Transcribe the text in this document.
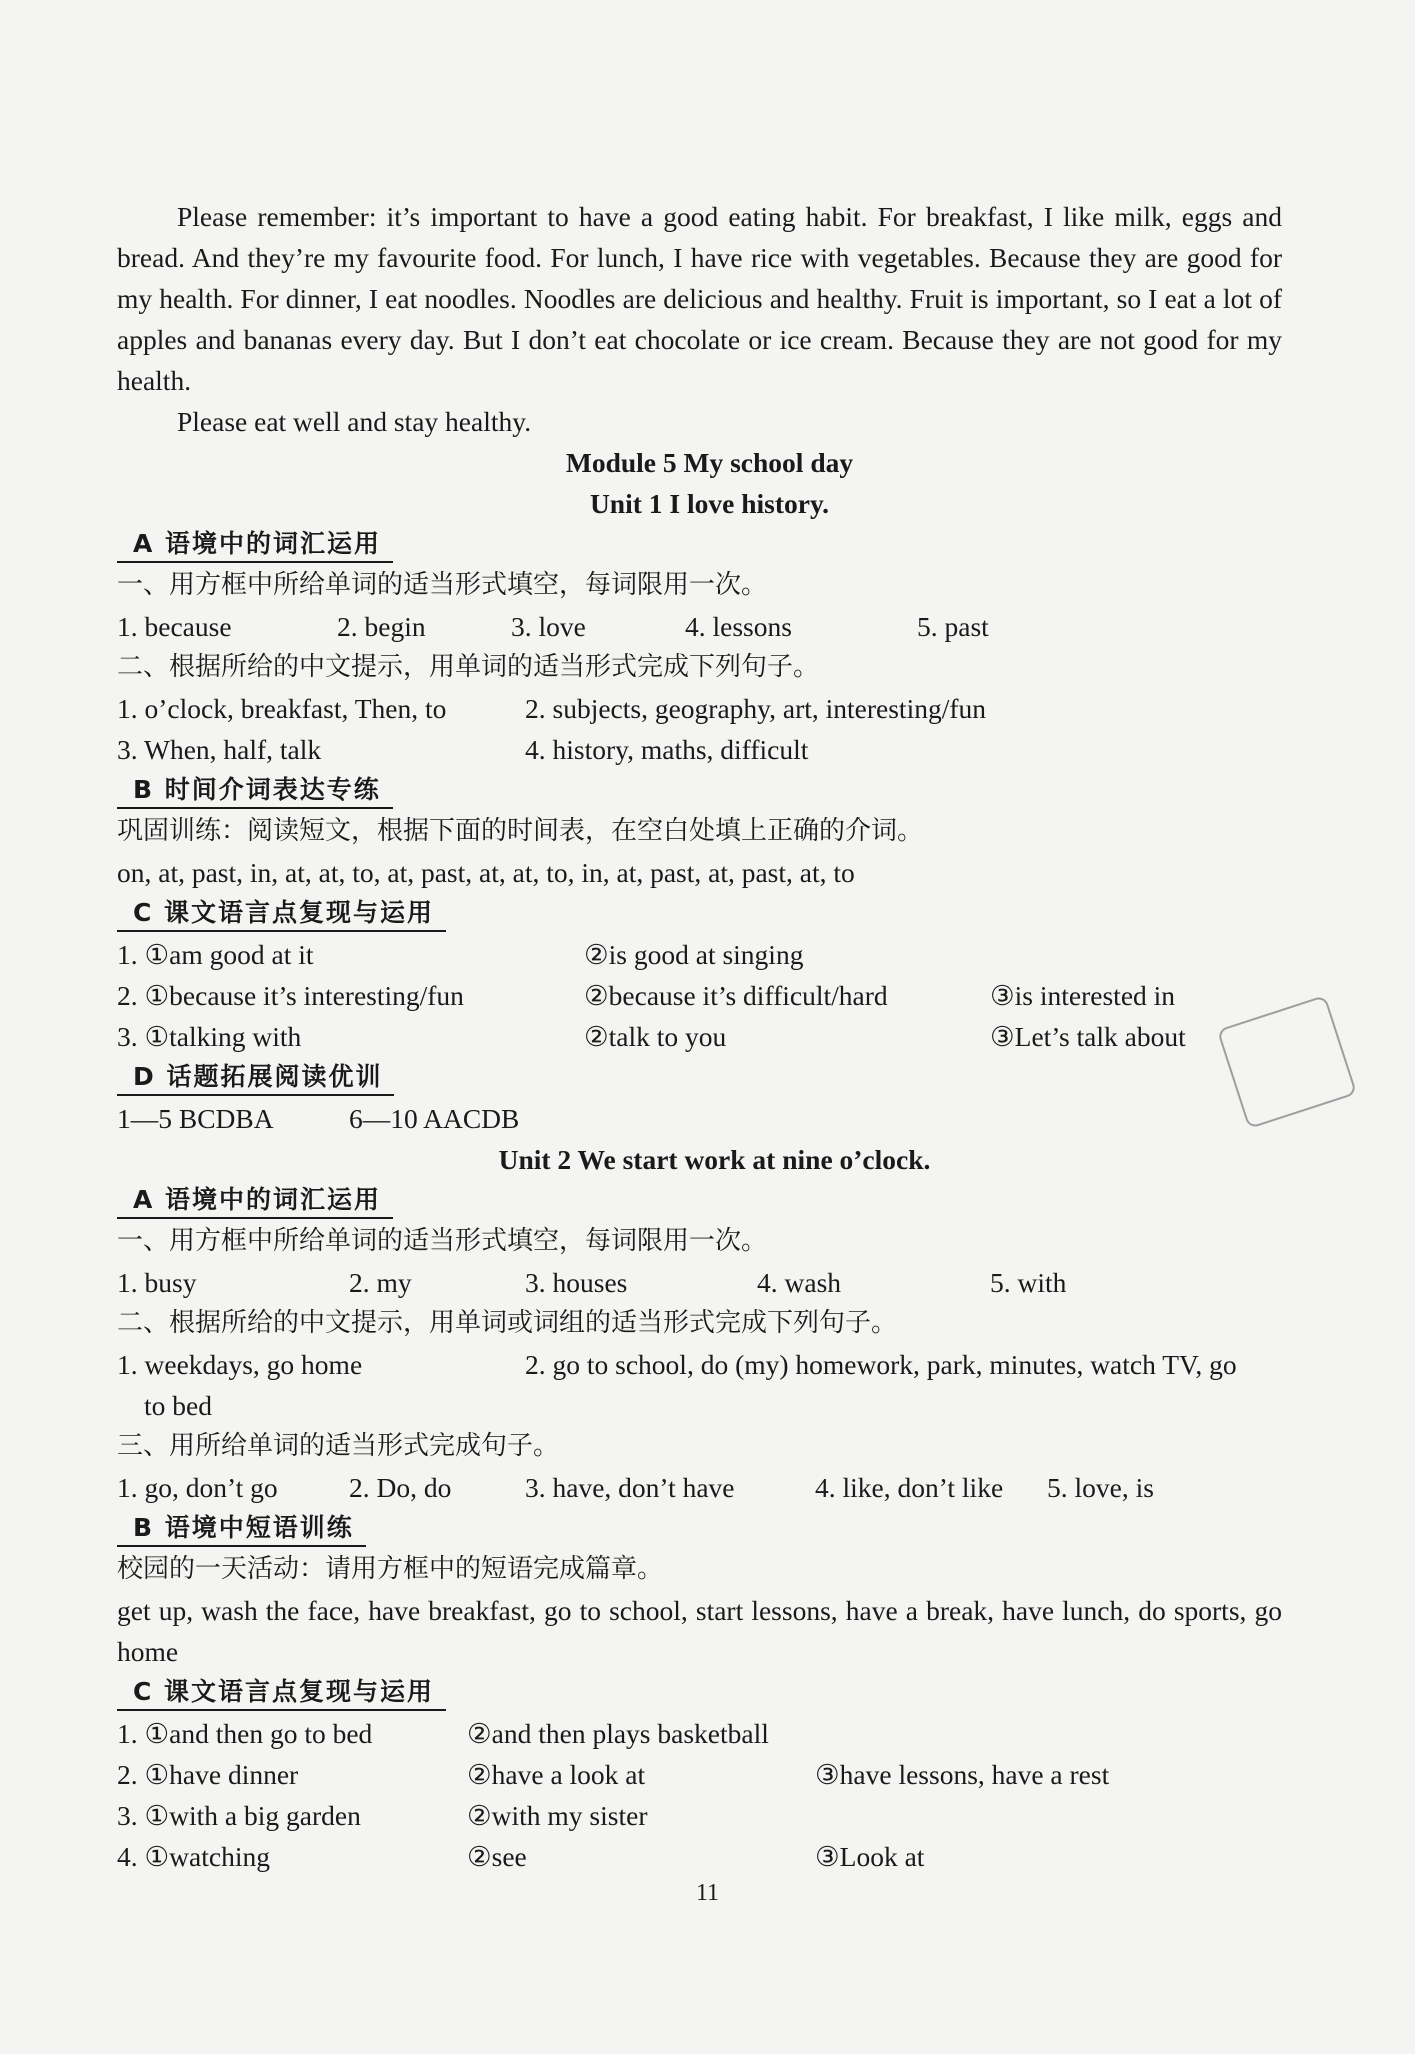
Please remember: it’s important to have a good eating habit. For breakfast, I like milk, eggs and bread. And they’re my favourite food. For lunch, I have rice with vegetables. Because they are good for my health. For dinner, I eat noodles. Noodles are delicious and healthy. Fruit is important, so I eat a lot of apples and bananas every day. But I don’t eat chocolate or ice cream. Because they are not good for my health.

Please eat well and stay healthy.

Module 5 My school day
Unit 1 I love history.
A 语境中的词汇运用

一、用方框中所给单词的适当形式填空，每词限用一次。

1. because	2. begin	3. love	4. lessons	5. past

二、根据所给的中文提示，用单词的适当形式完成下列句子。

1. o’clock, breakfast, Then, to	2. subjects, geography, art, interesting/fun
3. When, half, talk	4. history, maths, difficult
B 时间介词表达专练

巩固训练：阅读短文，根据下面的时间表，在空白处填上正确的介词。

on, at, past, in, at, at, to, at, past, at, at, to, in, at, past, at, past, at, to

C 课文语言点复现与运用
1. ①am good at it	②is good at singing
2. ①because it’s interesting/fun	②because it’s difficult/hard	③is interested in
3. ①talking with	②talk to you	③Let’s talk about
D 话题拓展阅读优训
1—5 BCDBA	6—10 AACDB
Unit 2 We start work at nine o’clock.
A 语境中的词汇运用

一、用方框中所给单词的适当形式填空，每词限用一次。

1. busy	2. my	3. houses	4. wash	5. with

二、根据所给的中文提示，用单词或词组的适当形式完成下列句子。

1. weekdays, go home	2. go to school, do (my) homework, park, minutes, watch TV, go

to bed

三、用所给单词的适当形式完成句子。

1. go, don’t go	2. Do, do	3. have, don’t have	4. like, don’t like	5. love, is
B 语境中短语训练

校园的一天活动：请用方框中的短语完成篇章。

get up, wash the face, have breakfast, go to school, start lessons, have a break, have lunch, do sports, go home

C 课文语言点复现与运用
1. ①and then go to bed	②and then plays basketball
2. ①have dinner	②have a look at	③have lessons, have a rest
3. ①with a big garden	②with my sister
4. ①watching	②see	③Look at
11
